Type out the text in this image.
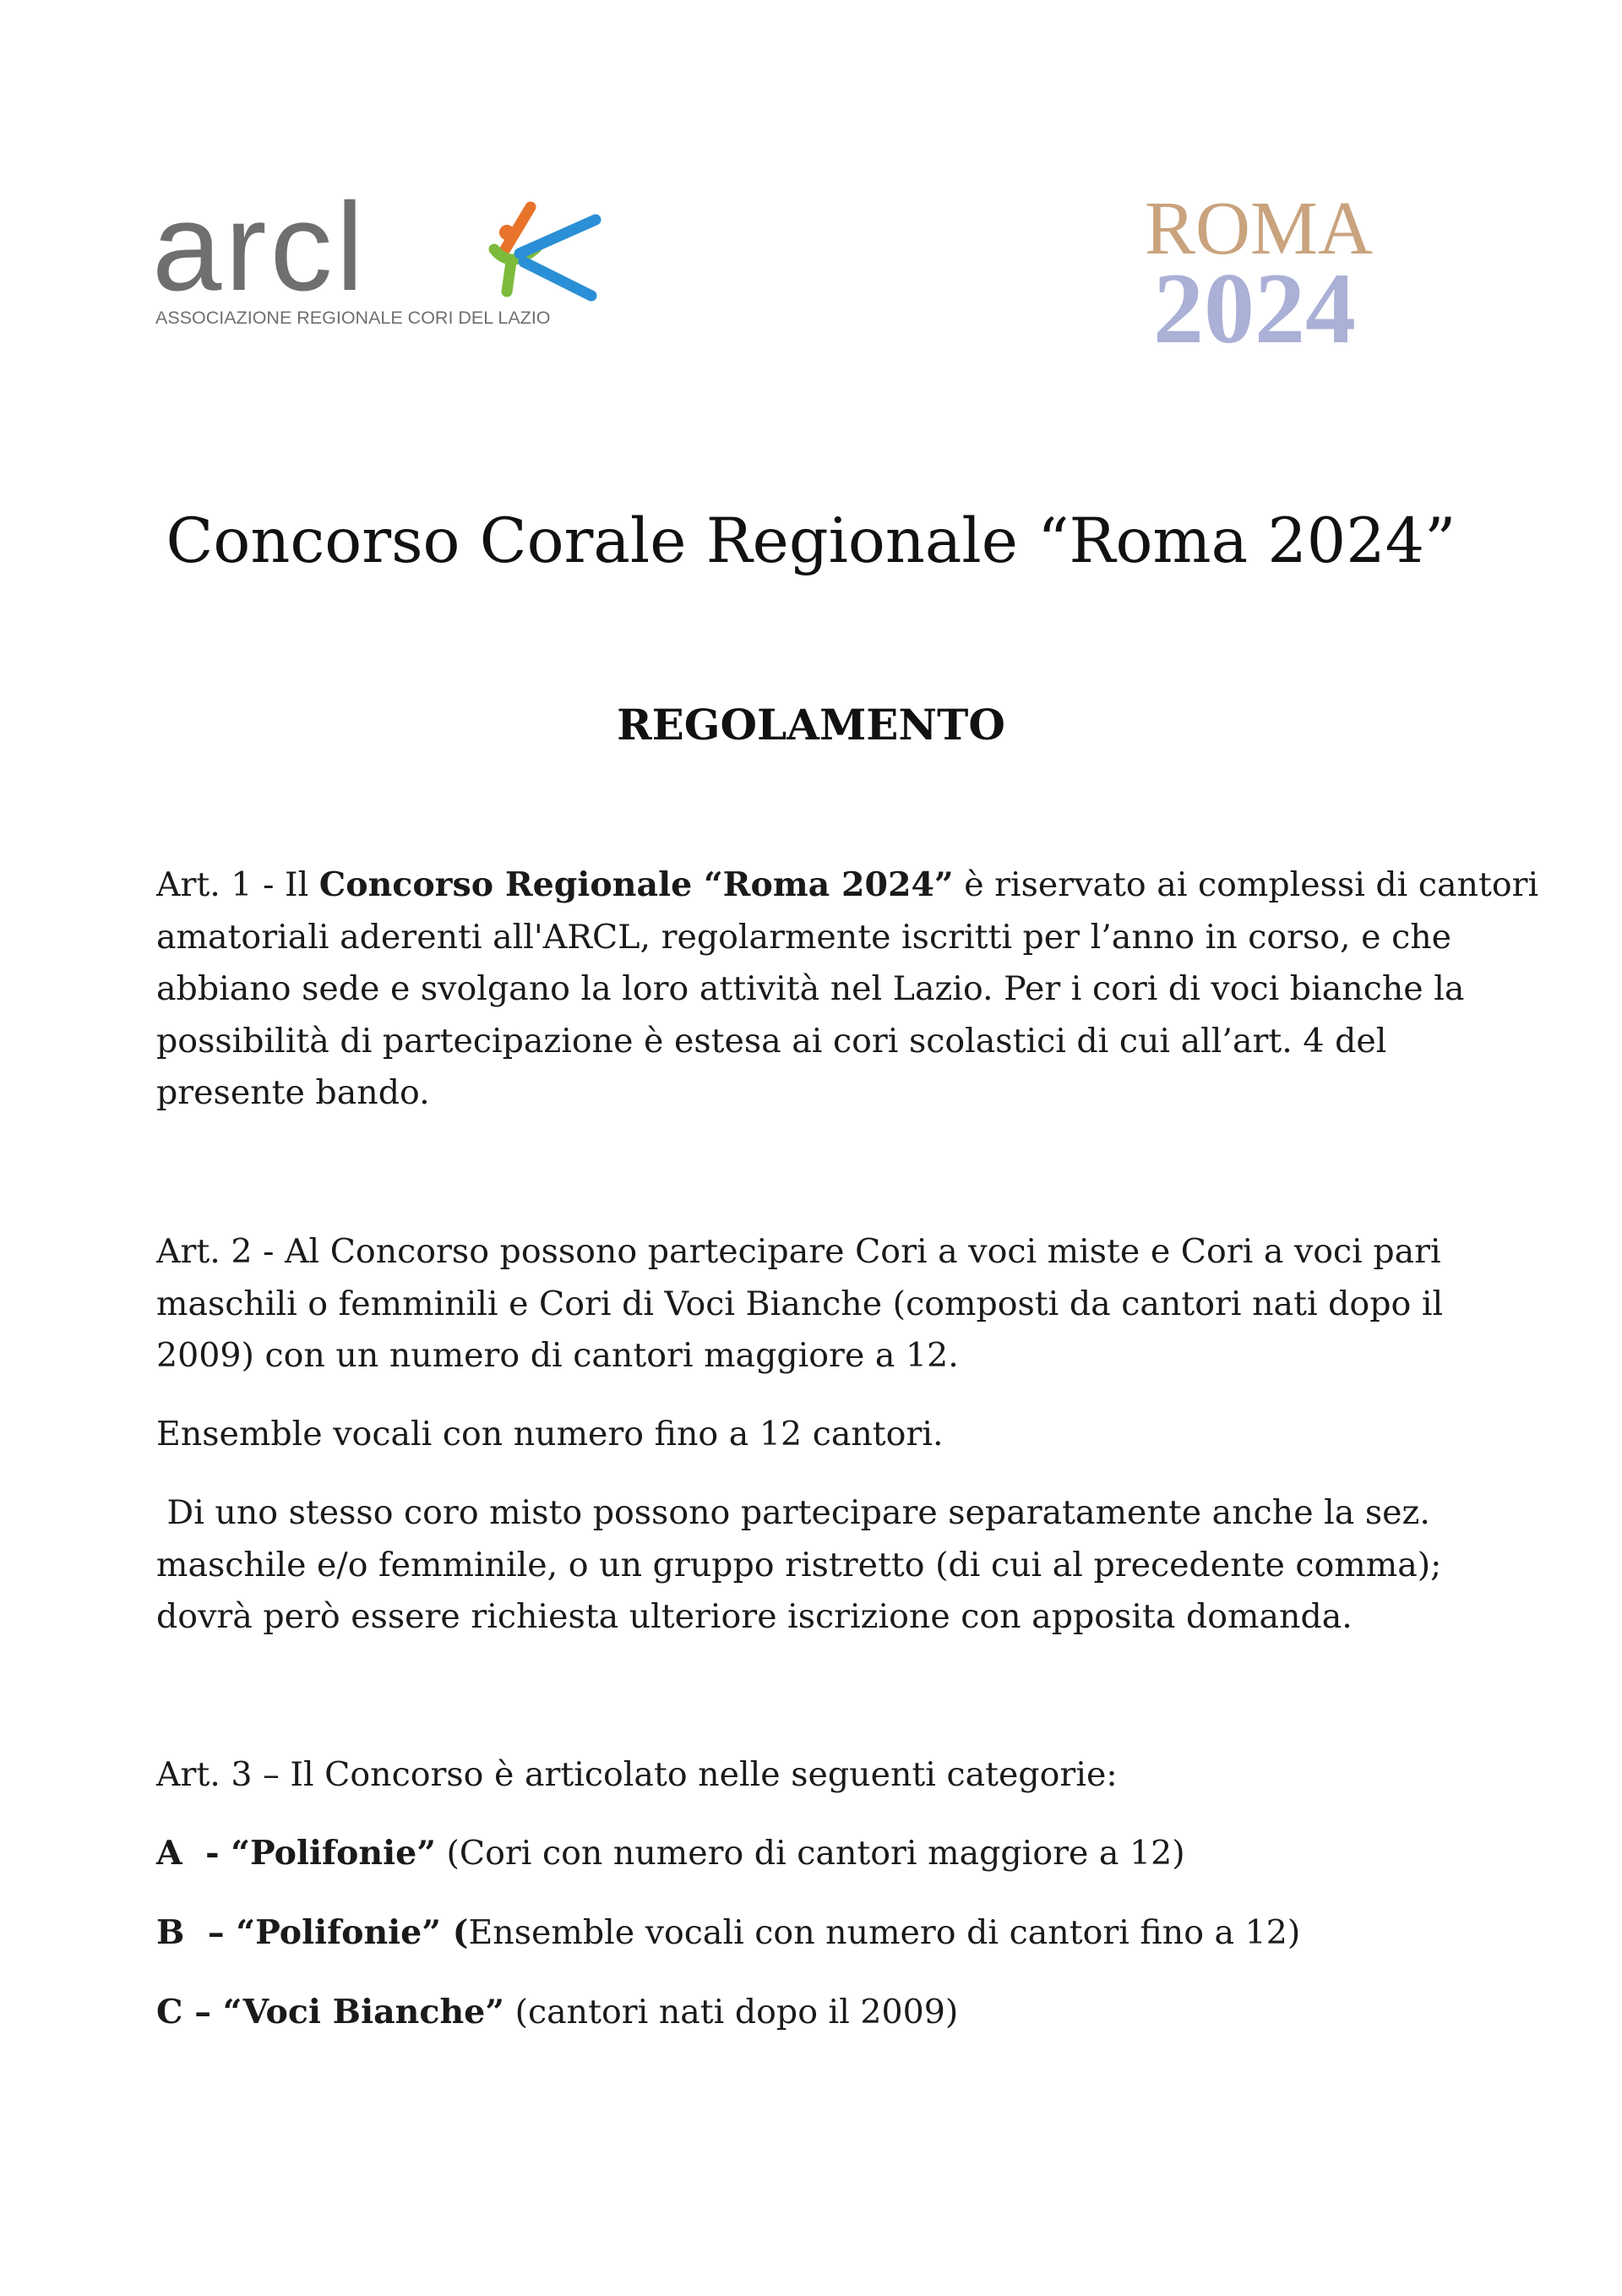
arcl
ASSOCIAZIONE REGIONALE CORI DEL LAZIO
ROMA
2024
Concorso Corale Regionale “Roma 2024”
REGOLAMENTO
Art. 1 - Il Concorso Regionale “Roma 2024” è riservato ai complessi di cantori
amatoriali aderenti all'ARCL, regolarmente iscritti per l’anno in corso, e che
abbiano sede e svolgano la loro attività nel Lazio. Per i cori di voci bianche la
possibilità di partecipazione è estesa ai cori scolastici di cui all’art. 4 del
presente bando.
Art. 2 - Al Concorso possono partecipare Cori a voci miste e Cori a voci pari
maschili o femminili e Cori di Voci Bianche (composti da cantori nati dopo il
2009) con un numero di cantori maggiore a 12.
Ensemble vocali con numero fino a 12 cantori.
Di uno stesso coro misto possono partecipare separatamente anche la sez.
maschile e/o femminile, o un gruppo ristretto (di cui al precedente comma);
dovrà però essere richiesta ulteriore iscrizione con apposita domanda.
Art. 3 – Il Concorso è articolato nelle seguenti categorie:
A  - “Polifonie” (Cori con numero di cantori maggiore a 12)
B  – “Polifonie” (Ensemble vocali con numero di cantori fino a 12)
C – “Voci Bianche” (cantori nati dopo il 2009)
